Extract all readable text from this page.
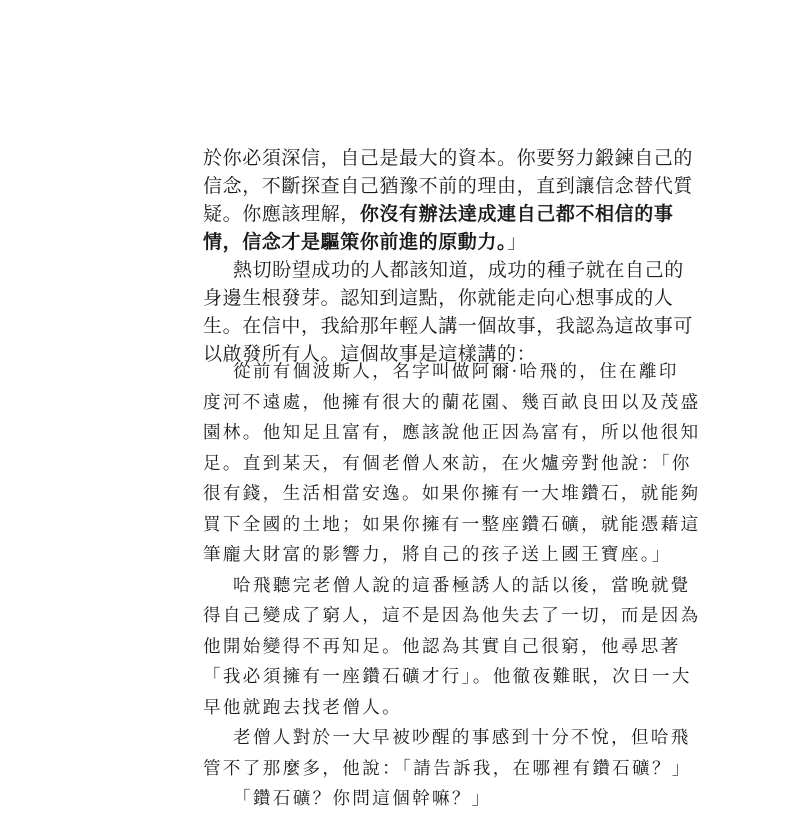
於你必須深信，自己是最大的資本。你要努力鍛鍊自己的
信念，不斷探查自己猶豫不前的理由，直到讓信念替代質
疑。你應該理解，你沒有辦法達成連自己都不相信的事
情，信念才是驅策你前進的原動力。」
熱切盼望成功的人都該知道，成功的種子就在自己的
身邊生根發芽。認知到這點，你就能走向心想事成的人
生。在信中，我給那年輕人講一個故事，我認為這故事可
以啟發所有人。這個故事是這樣講的：
從前有個波斯人，名字叫做阿爾·哈飛的，住在離印
度河不遠處，他擁有很大的蘭花園、幾百畝良田以及茂盛
園林。他知足且富有，應該說他正因為富有，所以他很知
足。直到某天，有個老僧人來訪，在火爐旁對他說：「你
很有錢，生活相當安逸。如果你擁有一大堆鑽石，就能夠
買下全國的土地；如果你擁有一整座鑽石礦，就能憑藉這
筆龐大財富的影響力，將自己的孩子送上國王寶座。」
哈飛聽完老僧人說的這番極誘人的話以後，當晚就覺
得自己變成了窮人，這不是因為他失去了一切，而是因為
他開始變得不再知足。他認為其實自己很窮，他尋思著
「我必須擁有一座鑽石礦才行」。他徹夜難眠，次日一大
早他就跑去找老僧人。
老僧人對於一大早被吵醒的事感到十分不悅，但哈飛
管不了那麼多，他說：「請告訴我，在哪裡有鑽石礦？」
「鑽石礦？你問這個幹嘛？」
